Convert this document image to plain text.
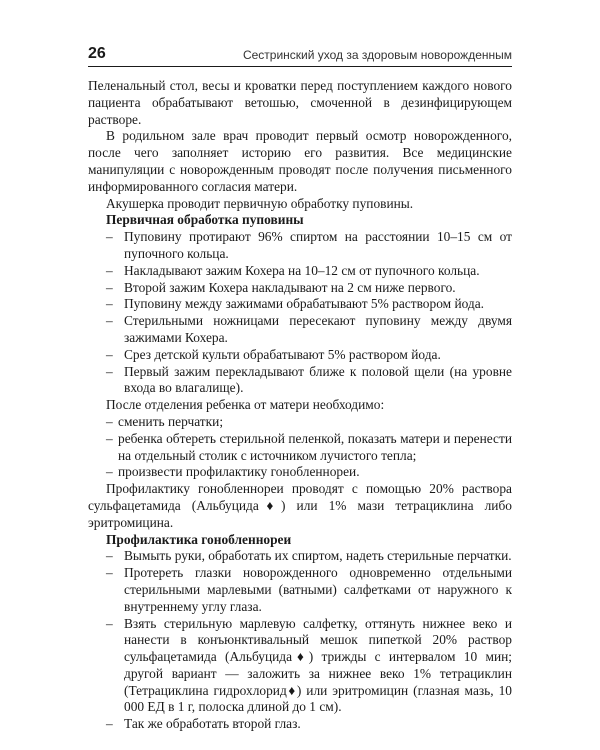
26	Сестринский уход за здоровым новорожденным

Пеленальный стол, весы и кроватки перед поступлением каждого нового пациента обрабатывают ветошью, смоченной в дезинфицирующем растворе.

В родильном зале врач проводит первый осмотр новорожденного, после чего заполняет историю его развития. Все медицинские манипуляции с новорожденным проводят после получения письменного информированного согласия матери.

Акушерка проводит первичную обработку пуповины.

Первичная обработка пуповины

– Пуповину протирают 96% спиртом на расстоянии 10–15 см от пупочного кольца.
– Накладывают зажим Кохера на 10–12 см от пупочного кольца.
– Второй зажим Кохера накладывают на 2 см ниже первого.
– Пуповину между зажимами обрабатывают 5% раствором йода.
– Стерильными ножницами пересекают пуповину между двумя зажимами Кохера.
– Срез детской культи обрабатывают 5% раствором йода.
– Первый зажим перекладывают ближе к половой щели (на уровне входа во влагалище).

После отделения ребенка от матери необходимо:

– сменить перчатки;
– ребенка обтереть стерильной пеленкой, показать матери и перенести на отдельный столик с источником лучистого тепла;
– произвести профилактику гонобленнореи.

Профилактику гонобленнореи проводят с помощью 20% раствора сульфацетамида (Альбуцида♦) или 1% мази тетрациклина либо эритромицина.

Профилактика гонобленнореи

– Вымыть руки, обработать их спиртом, надеть стерильные перчатки.
– Протереть глазки новорожденного одновременно отдельными стерильными марлевыми (ватными) салфетками от наружного к внутреннему углу глаза.
– Взять стерильную марлевую салфетку, оттянуть нижнее веко и нанести в конъюнктивальный мешок пипеткой 20% раствор сульфацетамида (Альбуцида♦) трижды с интервалом 10 мин; другой вариант — заложить за нижнее веко 1% тетрациклин (Тетрациклина гидрохлорид♦) или эритромицин (глазная мазь, 10 000 ЕД в 1 г, полоска длиной до 1 см).
– Так же обработать второй глаз.
